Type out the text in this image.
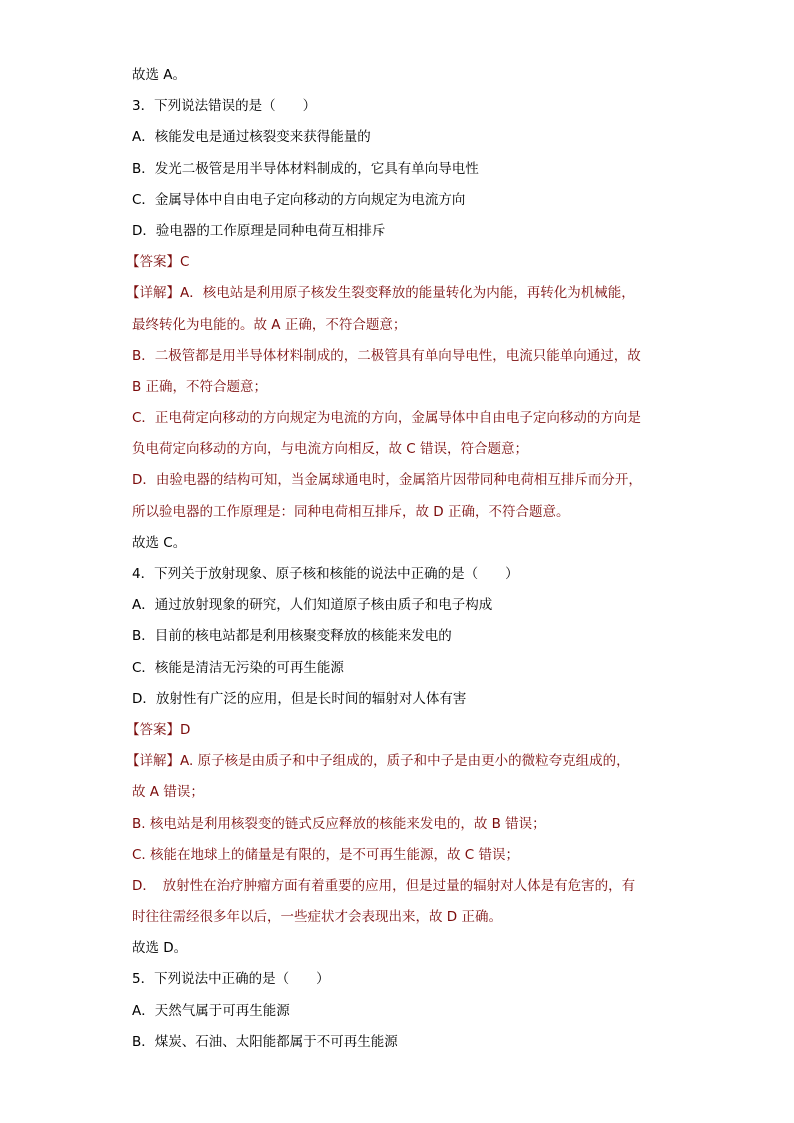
故选 A。
3．下列说法错误的是（　　）
A．核能发电是通过核裂变来获得能量的
B．发光二极管是用半导体材料制成的，它具有单向导电性
C．金属导体中自由电子定向移动的方向规定为电流方向
D．验电器的工作原理是同种电荷互相排斥
【答案】C
【详解】A．核电站是利用原子核发生裂变释放的能量转化为内能，再转化为机械能，
最终转化为电能的。故 A 正确，不符合题意；
B．二极管都是用半导体材料制成的，二极管具有单向导电性，电流只能单向通过，故
B 正确，不符合题意；
C．正电荷定向移动的方向规定为电流的方向，金属导体中自由电子定向移动的方向是
负电荷定向移动的方向，与电流方向相反，故 C 错误，符合题意；
D．由验电器的结构可知，当金属球通电时，金属箔片因带同种电荷相互排斥而分开，
所以验电器的工作原理是：同种电荷相互排斥，故 D 正确，不符合题意。
故选 C。
4．下列关于放射现象、原子核和核能的说法中正确的是（　　）
A．通过放射现象的研究，人们知道原子核由质子和电子构成
B．目前的核电站都是利用核聚变释放的核能来发电的
C．核能是清洁无污染的可再生能源
D．放射性有广泛的应用，但是长时间的辐射对人体有害
【答案】D
【详解】A. 原子核是由质子和中子组成的，质子和中子是由更小的微粒夸克组成的，
故 A 错误；
B. 核电站是利用核裂变的链式反应释放的核能来发电的，故 B 错误；
C. 核能在地球上的储量是有限的，是不可再生能源，故 C 错误；
D．　放射性在治疗肿瘤方面有着重要的应用，但是过量的辐射对人体是有危害的，有
时往往需经很多年以后，一些症状才会表现出来，故 D 正确。
故选 D。
5．下列说法中正确的是（　　）
A．天然气属于可再生能源
B．煤炭、石油、太阳能都属于不可再生能源
